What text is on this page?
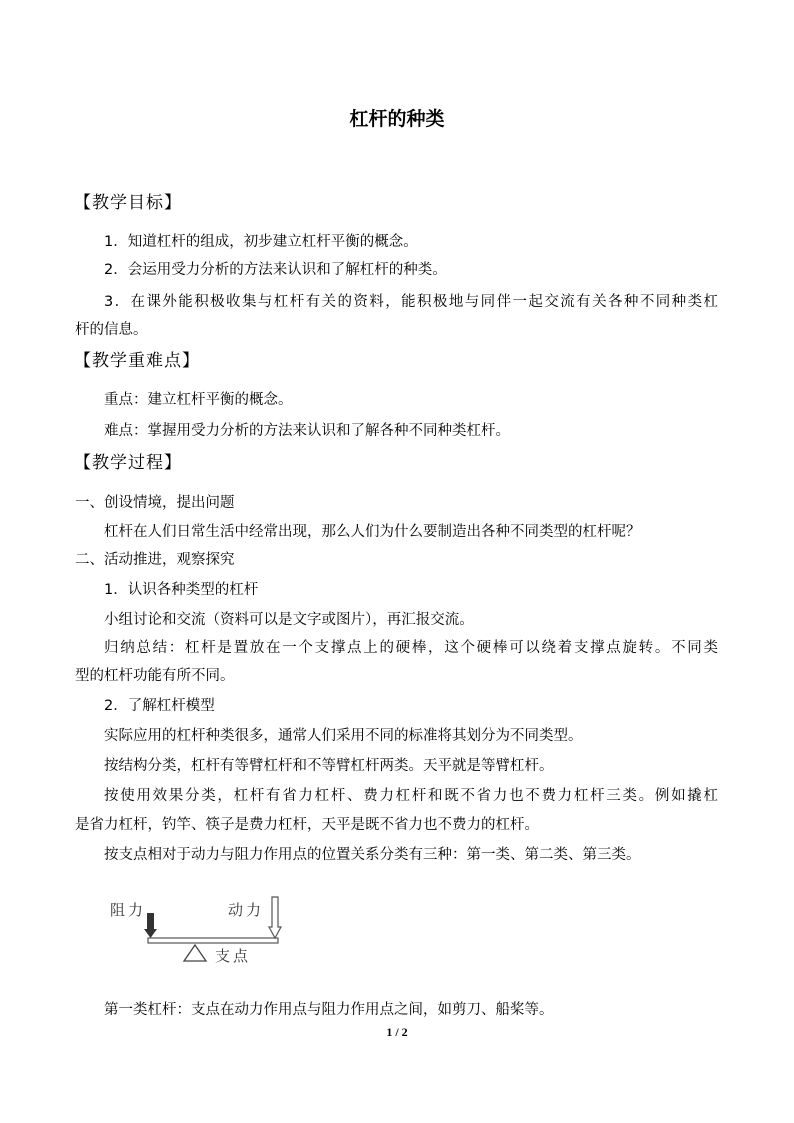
杠杆的种类
【教学目标】
1．知道杠杆的组成，初步建立杠杆平衡的概念。
2．会运用受力分析的方法来认识和了解杠杆的种类。
3．在课外能积极收集与杠杆有关的资料，能积极地与同伴一起交流有关各种不同种类杠
杆的信息。
【教学重难点】
重点：建立杠杆平衡的概念。
难点：掌握用受力分析的方法来认识和了解各种不同种类杠杆。
【教学过程】
一、创设情境，提出问题
杠杆在人们日常生活中经常出现，那么人们为什么要制造出各种不同类型的杠杆呢？
二、活动推进，观察探究
1．认识各种类型的杠杆
小组讨论和交流（资料可以是文字或图片），再汇报交流。
归纳总结：杠杆是置放在一个支撑点上的硬棒，这个硬棒可以绕着支撑点旋转。不同类
型的杠杆功能有所不同。
2．了解杠杆模型
实际应用的杠杆种类很多，通常人们采用不同的标准将其划分为不同类型。
按结构分类，杠杆有等臂杠杆和不等臂杠杆两类。天平就是等臂杠杆。
按使用效果分类，杠杆有省力杠杆、费力杠杆和既不省力也不费力杠杆三类。例如撬杠
是省力杠杆，钓竿、筷子是费力杠杆，天平是既不省力也不费力的杠杆。
按支点相对于动力与阻力作用点的位置关系分类有三种：第一类、第二类、第三类。
阻力	动力
支点
第一类杠杆：支点在动力作用点与阻力作用点之间，如剪刀、船桨等。
1 / 2
